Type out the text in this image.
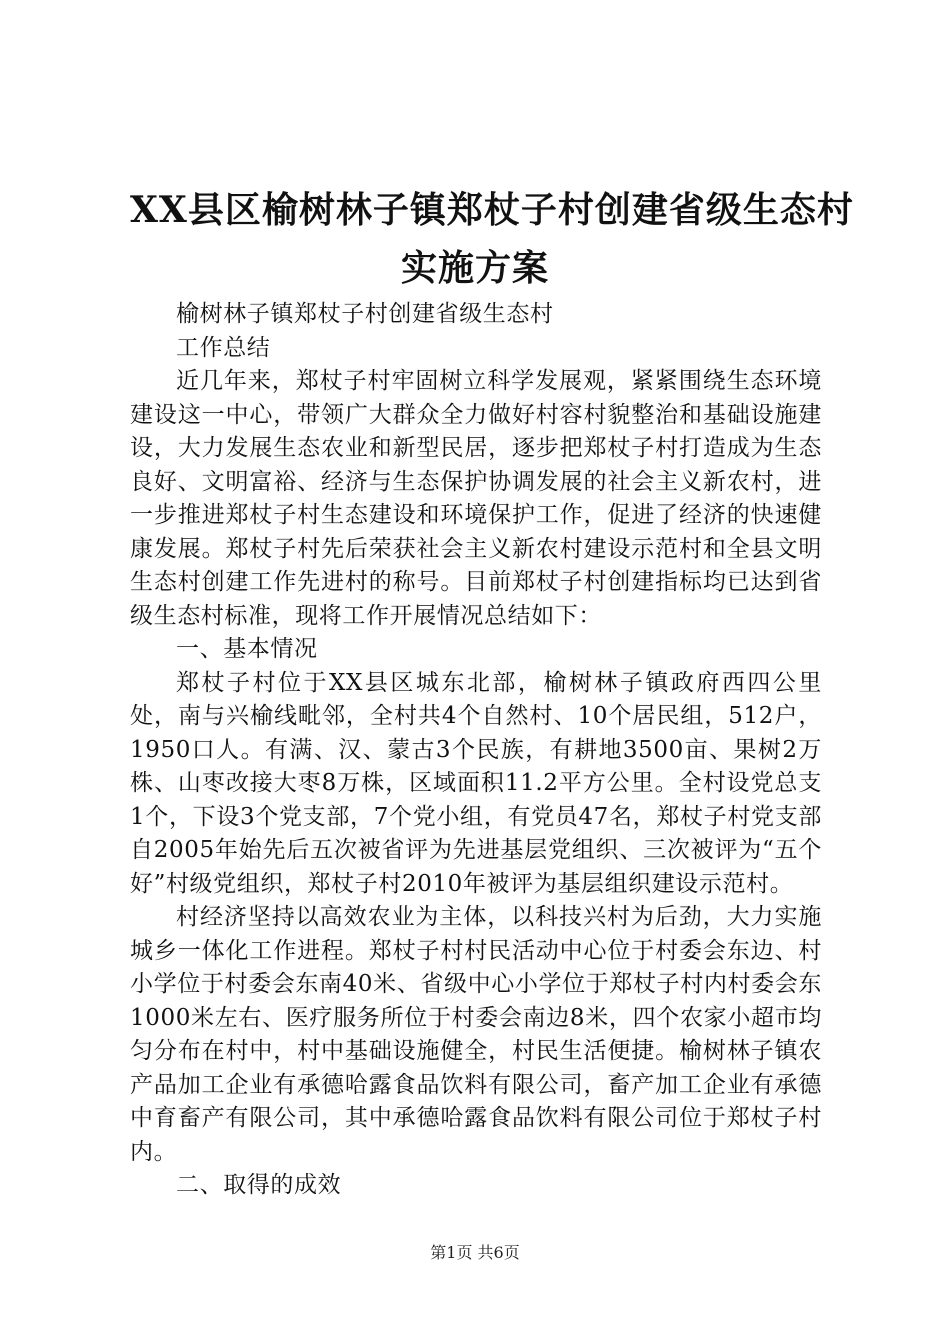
XX县区榆树林子镇郑杖子村创建省级生态村
实施方案

榆树林子镇郑杖子村创建省级生态村

工作总结

近几年来，郑杖子村牢固树立科学发展观，紧紧围绕生态环境建设这一中心，带领广大群众全力做好村容村貌整治和基础设施建设，大力发展生态农业和新型民居，逐步把郑杖子村打造成为生态良好、文明富裕、经济与生态保护协调发展的社会主义新农村，进一步推进郑杖子村生态建设和环境保护工作，促进了经济的快速健康发展。郑杖子村先后荣获社会主义新农村建设示范村和全县文明生态村创建工作先进村的称号。目前郑杖子村创建指标均已达到省级生态村标准，现将工作开展情况总结如下：

一、基本情况

郑杖子村位于XX县区城东北部，榆树林子镇政府西四公里处，南与兴榆线毗邻，全村共4个自然村、10个居民组，512户，1950口人。有满、汉、蒙古3个民族，有耕地3500亩、果树2万株、山枣改接大枣8万株，区域面积11.2平方公里。全村设党总支1个，下设3个党支部，7个党小组，有党员47名，郑杖子村党支部自2005年始先后五次被省评为先进基层党组织、三次被评为“五个好”村级党组织，郑杖子村2010年被评为基层组织建设示范村。

村经济坚持以高效农业为主体，以科技兴村为后劲，大力实施城乡一体化工作进程。郑杖子村村民活动中心位于村委会东边、村小学位于村委会东南40米、省级中心小学位于郑杖子村内村委会东1000米左右、医疗服务所位于村委会南边8米，四个农家小超市均匀分布在村中，村中基础设施健全，村民生活便捷。榆树林子镇农产品加工企业有承德哈露食品饮料有限公司，畜产加工企业有承德中育畜产有限公司，其中承德哈露食品饮料有限公司位于郑杖子村内。

二、取得的成效

第1页 共6页
